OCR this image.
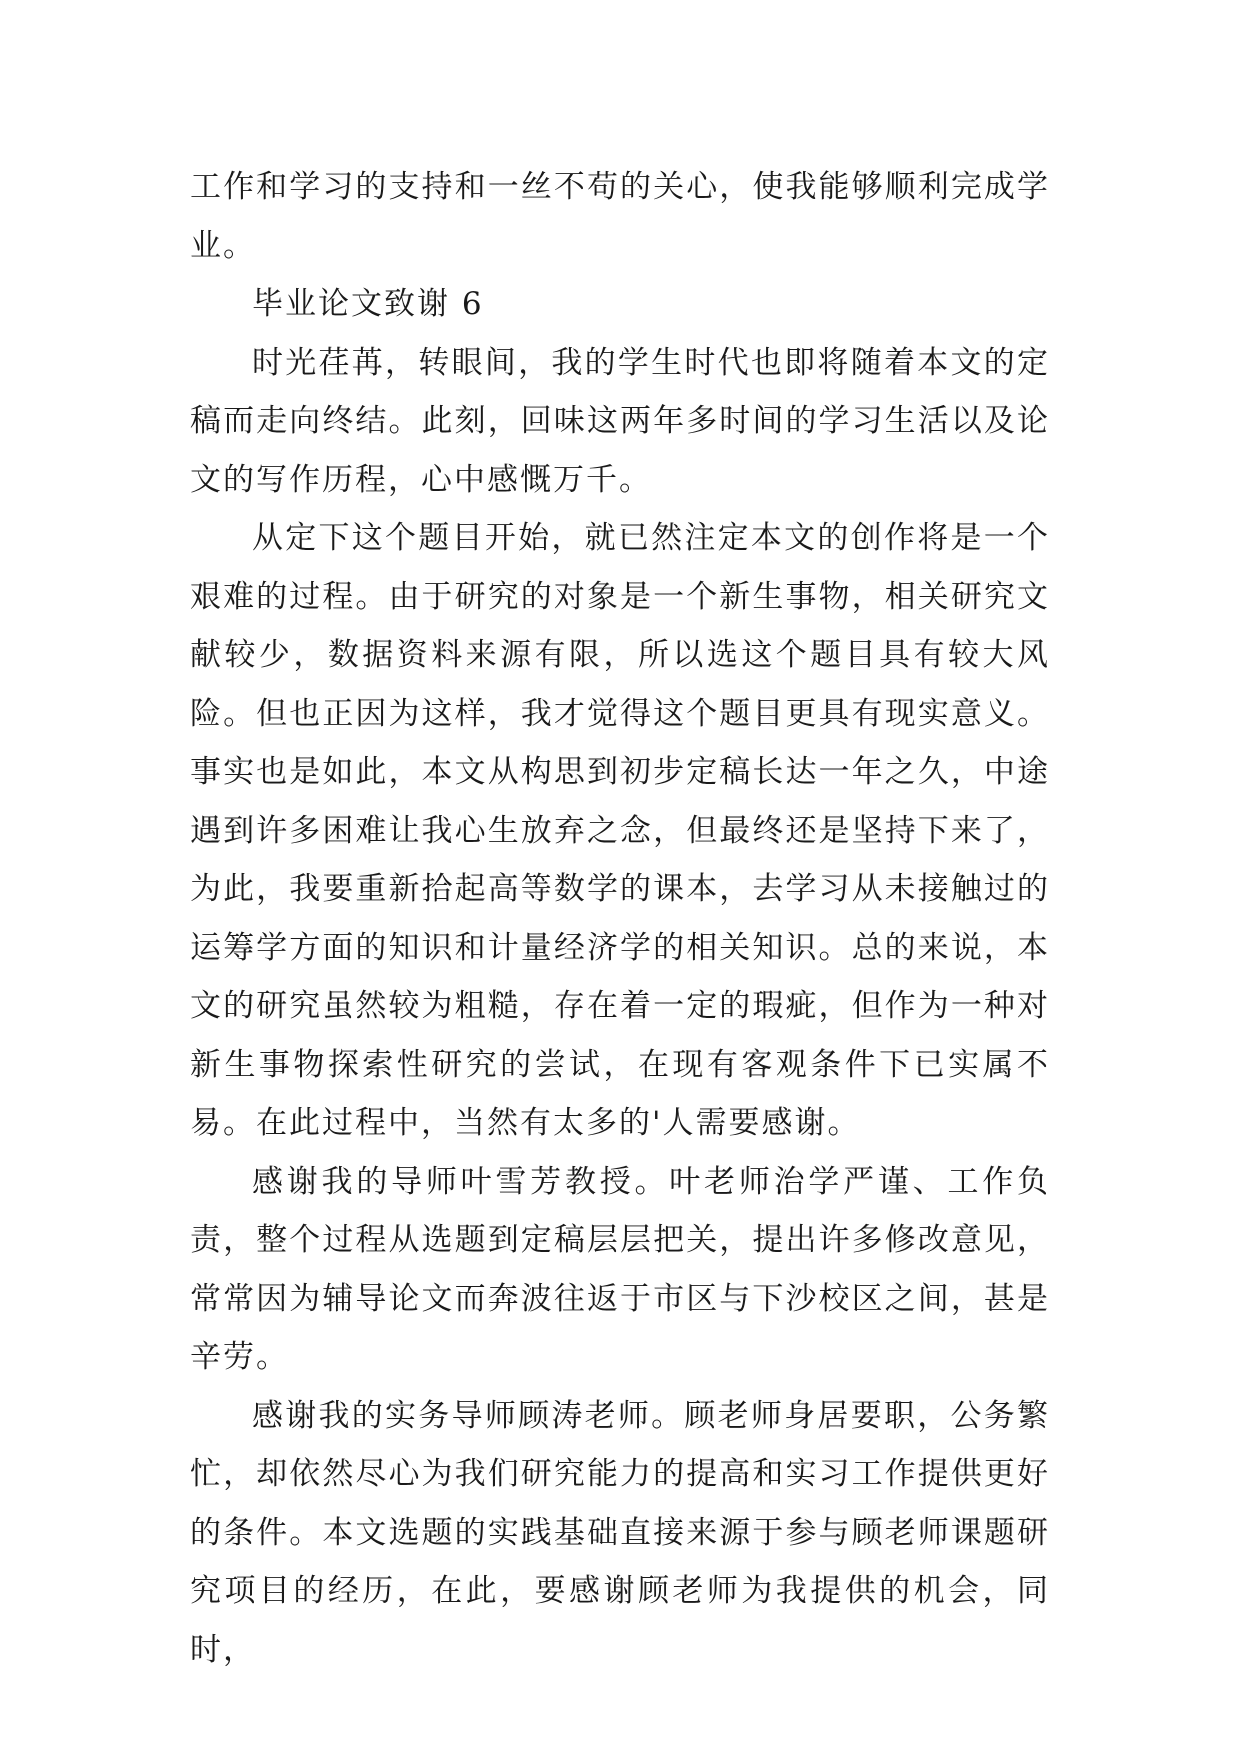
工作和学习的支持和一丝不苟的关心，使我能够顺利完成学业。

毕业论文致谢 6

时光荏苒，转眼间，我的学生时代也即将随着本文的定稿而走向终结。此刻，回味这两年多时间的学习生活以及论文的写作历程，心中感慨万千。

从定下这个题目开始，就已然注定本文的创作将是一个艰难的过程。由于研究的对象是一个新生事物，相关研究文献较少，数据资料来源有限，所以选这个题目具有较大风险。但也正因为这样，我才觉得这个题目更具有现实意义。事实也是如此，本文从构思到初步定稿长达一年之久，中途遇到许多困难让我心生放弃之念，但最终还是坚持下来了，为此，我要重新拾起高等数学的课本，去学习从未接触过的运筹学方面的知识和计量经济学的相关知识。总的来说，本文的研究虽然较为粗糙，存在着一定的瑕疵，但作为一种对新生事物探索性研究的尝试，在现有客观条件下已实属不易。在此过程中，当然有太多的'人需要感谢。

感谢我的导师叶雪芳教授。叶老师治学严谨、工作负责，整个过程从选题到定稿层层把关，提出许多修改意见，常常因为辅导论文而奔波往返于市区与下沙校区之间，甚是辛劳。

感谢我的实务导师顾涛老师。顾老师身居要职，公务繁忙，却依然尽心为我们研究能力的提高和实习工作提供更好的条件。本文选题的实践基础直接来源于参与顾老师课题研究项目的经历，在此，要感谢顾老师为我提供的机会，同时，
